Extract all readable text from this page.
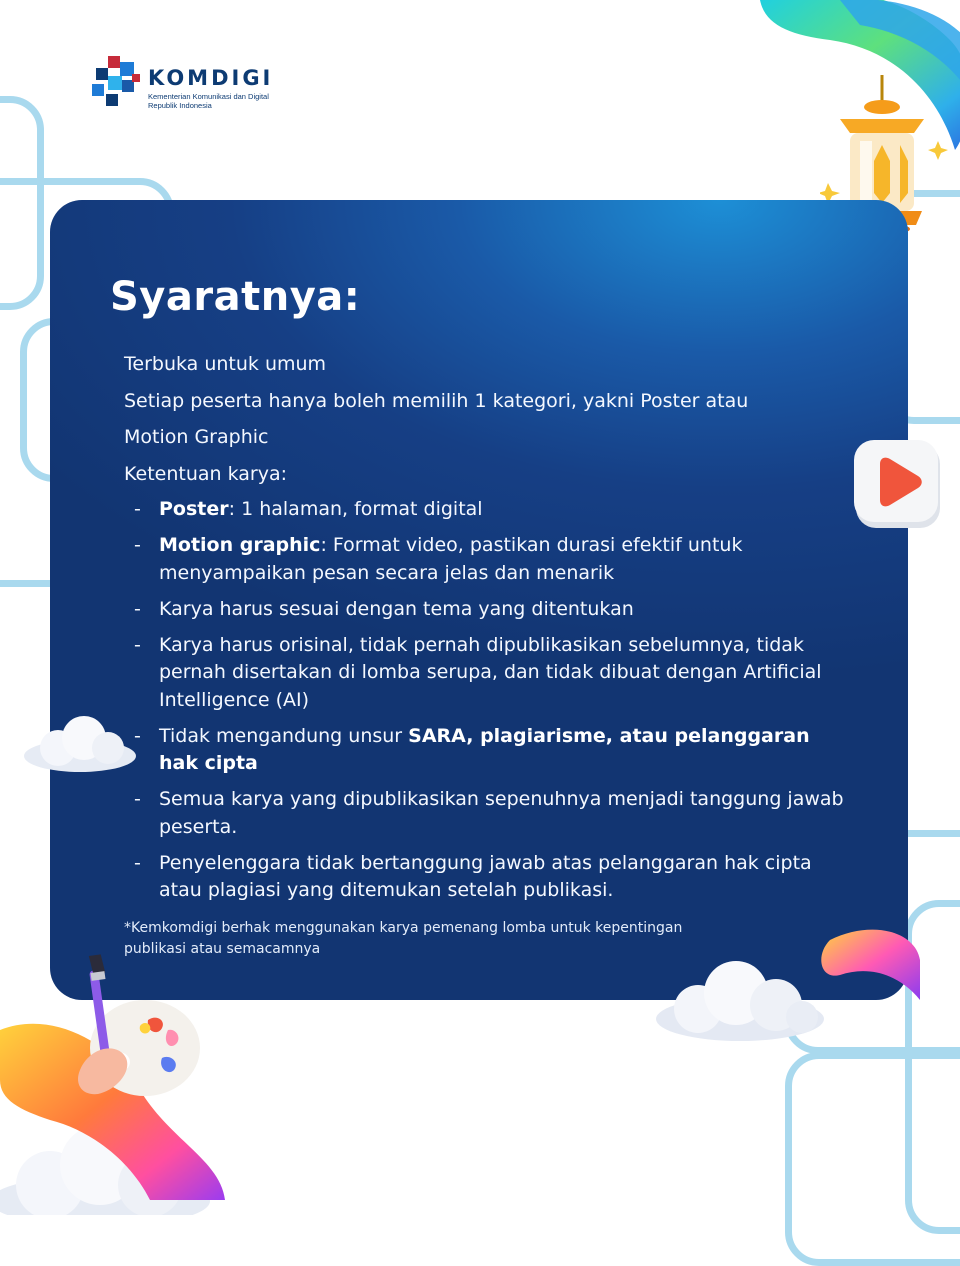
KOMDIGI

Kementerian Komunikasi dan Digital Republik Indonesia

Syaratnya:
Terbuka untuk umum
Setiap peserta hanya boleh memilih 1 kategori, yakni Poster atau
Motion Graphic
Ketentuan karya:
- Poster: 1 halaman, format digital
- Motion graphic: Format video, pastikan durasi efektif untuk menyampaikan pesan secara jelas dan menarik
- Karya harus sesuai dengan tema yang ditentukan
- Karya harus orisinal, tidak pernah dipublikasikan sebelumnya, tidak pernah disertakan di lomba serupa, dan tidak dibuat dengan Artificial Intelligence (AI)
- Tidak mengandung unsur SARA, plagiarisme, atau pelanggaran hak cipta
- Semua karya yang dipublikasikan sepenuhnya menjadi tanggung jawab peserta.
- Penyelenggara tidak bertanggung jawab atas pelanggaran hak cipta atau plagiasi yang ditemukan setelah publikasi.

*Kemkomdigi berhak menggunakan karya pemenang lomba untuk kepentingan publikasi atau semacamnya
